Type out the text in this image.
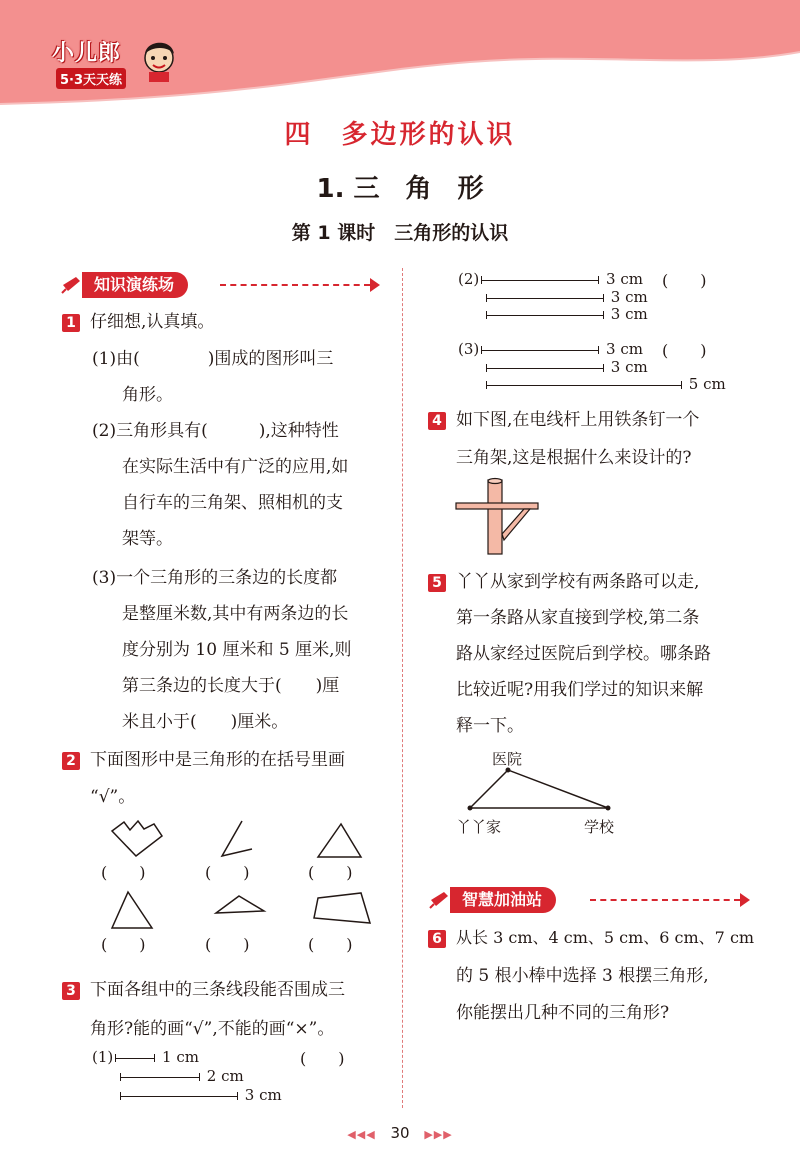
小儿郎
5·3天天练
四 多边形的认识
1. 三　角　形
第 1 课时　三角形的认识
知识演练场
1 仔细想,认真填。
(1)由(　　　　)围成的图形叫三
角形。
(2)三角形具有(　　　),这种特性
在实际生活中有广泛的应用,如
自行车的三角架、照相机的支
架等。
(3)一个三角形的三条边的长度都
是整厘米数,其中有两条边的长
度分别为 10 厘米和 5 厘米,则
第三条边的长度大于(　　)厘
米且小于(　　)厘米。
2 下面图形中是三角形的在括号里画
“√”。
(　　)	(　　)	(　　)
(　　)	(　　)	(　　)
3 下面各组中的三条线段能否围成三
角形?能的画“√”,不能的画“×”。
(1)	1 cm	(　　)
2 cm
3 cm
(2)	3 cm (　　)
3 cm
3 cm
(3)	3 cm (　　)
3 cm
5 cm
4 如下图,在电线杆上用铁条钉一个
三角架,这是根据什么来设计的?
5 丫丫从家到学校有两条路可以走,
第一条路从家直接到学校,第二条
路从家经过医院后到学校。哪条路
比较近呢?用我们学过的知识来解
释一下。
医院
丫丫家	学校
智慧加油站
6 从长 3 cm、4 cm、5 cm、6 cm、7 cm
的 5 根小棒中选择 3 根摆三角形,
你能摆出几种不同的三角形?
◀◀◀ 30 ▶▶▶
